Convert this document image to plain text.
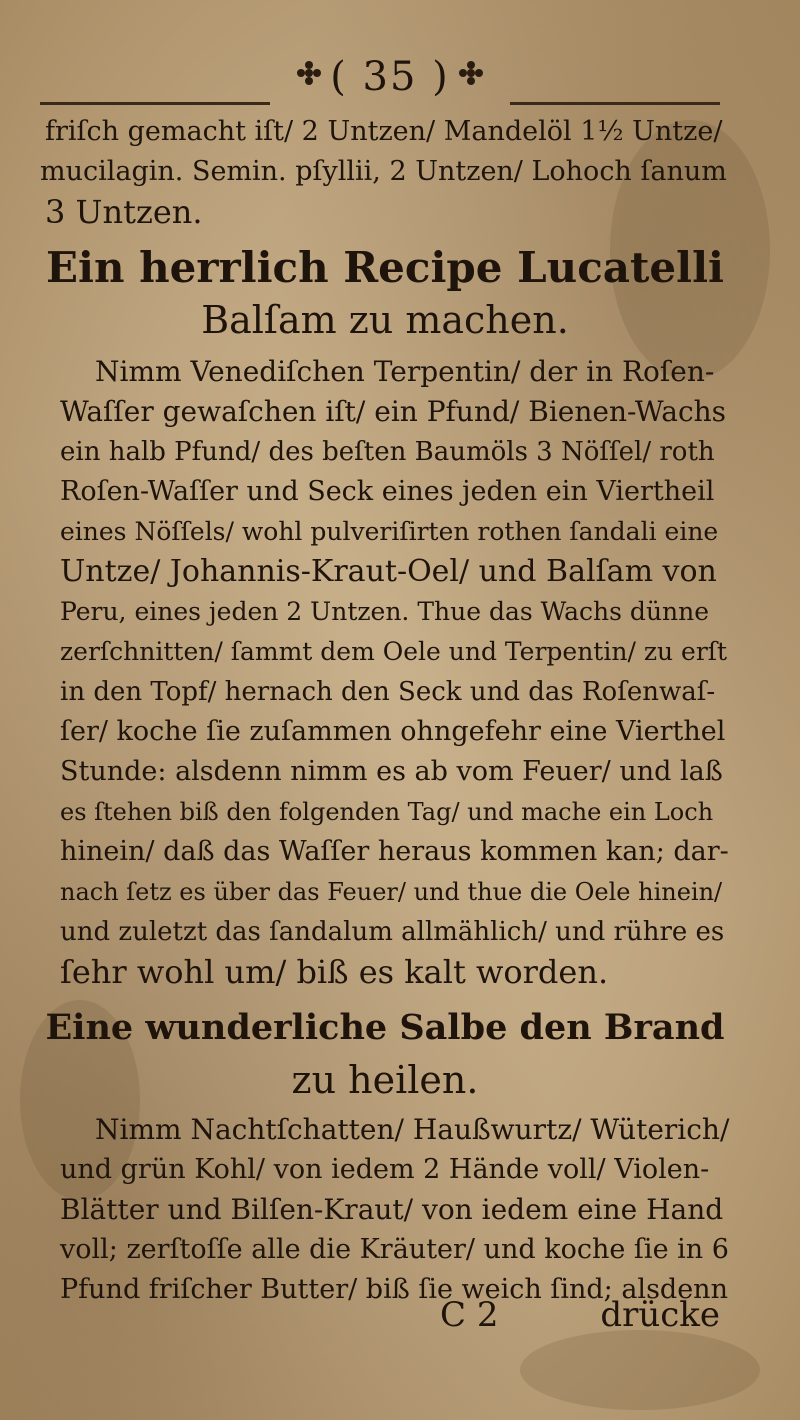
( 35 )
friſch gemacht iſt/ 2 Untzen/ Mandelöl 1½ Untze/
mucilagin. Semin. pſyllii, 2 Untzen/ Lohoch ſanum
3 Untzen.
Ein herrlich Recipe Lucatelli
Balſam zu machen.
Nimm Venediſchen Terpentin/ der in Roſen-
Waſſer gewaſchen iſt/ ein Pfund/ Bienen-Wachs
ein halb Pfund/ des beſten Baumöls 3 Nöſſel/ roth
Roſen-Waſſer und Seck eines jeden ein Viertheil
eines Nöſſels/ wohl pulveriſirten rothen ſandali eine
Untze/ Johannis-Kraut-Oel/ und Balſam von
Peru, eines jeden 2 Untzen. Thue das Wachs dünne
zerſchnitten/ ſammt dem Oele und Terpentin/ zu erſt
in den Topf/ hernach den Seck und das Roſenwaſ-
ſer/ koche ſie zuſammen ohngefehr eine Vierthel
Stunde: alsdenn nimm es ab vom Feuer/ und laß
es ſtehen biß den folgenden Tag/ und mache ein Loch
hinein/ daß das Waſſer heraus kommen kan; dar-
nach ſetz es über das Feuer/ und thue die Oele hinein/
und zuletzt das ſandalum allmählich/ und rühre es
ſehr wohl um/ biß es kalt worden.
Eine wunderliche Salbe den Brand
zu heilen.
Nimm Nachtſchatten/ Haußwurtz/ Wüterich/
und grün Kohl/ von iedem 2 Hände voll/ Violen-
Blätter und Bilſen-Kraut/ von iedem eine Hand
voll; zerſtoſſe alle die Kräuter/ und koche ſie in 6
Pfund friſcher Butter/ biß ſie weich ſind; alsdenn
C 2	drücke
